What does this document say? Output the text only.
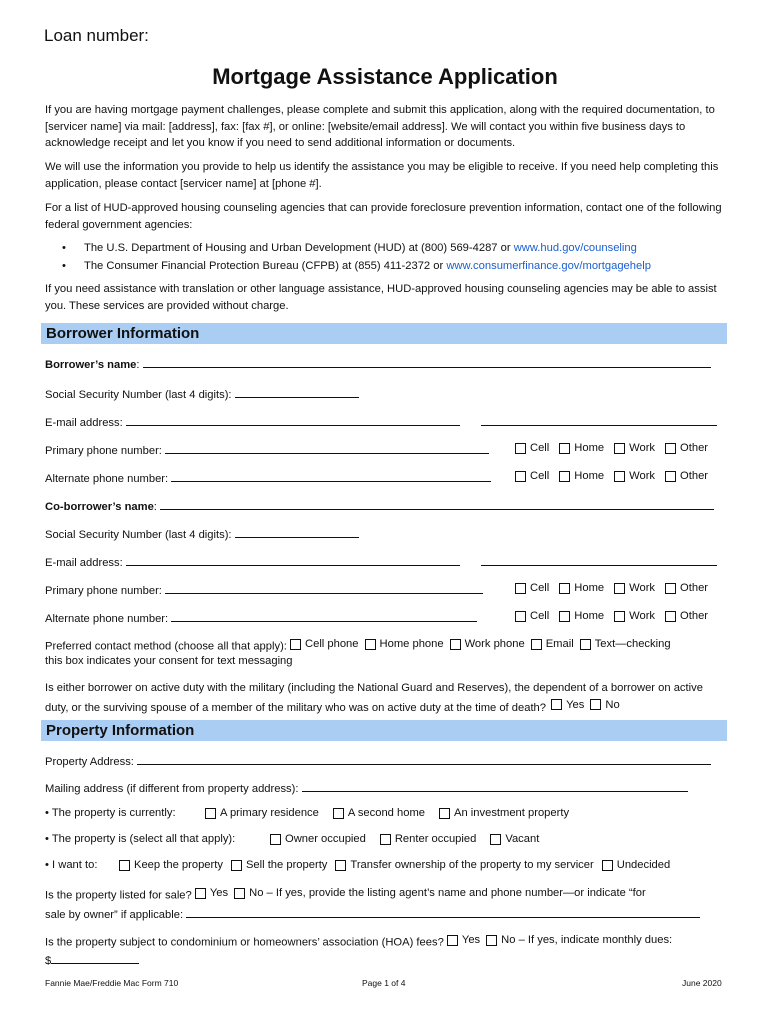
Loan number:
Mortgage Assistance Application
If you are having mortgage payment challenges, please complete and submit this application, along with the required documentation, to [servicer name] via mail: [address], fax: [fax #], or online: [website/email address]. We will contact you within five business days to acknowledge receipt and let you know if you need to send additional information or documents.
We will use the information you provide to help us identify the assistance you may be eligible to receive. If you need help completing this application, please contact [servicer name] at [phone #].
For a list of HUD-approved housing counseling agencies that can provide foreclosure prevention information, contact one of the following federal government agencies:
• The U.S. Department of Housing and Urban Development (HUD) at (800) 569-4287 or www.hud.gov/counseling
• The Consumer Financial Protection Bureau (CFPB) at (855) 411-2372 or www.consumerfinance.gov/mortgagehelp
If you need assistance with translation or other language assistance, HUD-approved housing counseling agencies may be able to assist you. These services are provided without charge.
Borrower Information
Borrower’s name:
Social Security Number (last 4 digits):
E-mail address:
Primary phone number:	Cell Home Work Other
Alternate phone number:	Cell Home Work Other
Co-borrower’s name:
Social Security Number (last 4 digits):
E-mail address:
Primary phone number:	Cell Home Work Other
Alternate phone number:	Cell Home Work Other
Preferred contact method (choose all that apply): Cell phone Home phone Work phone Email Text—checking
this box indicates your consent for text messaging
Is either borrower on active duty with the military (including the National Guard and Reserves), the dependent of a borrower on active duty, or the surviving spouse of a member of the military who was on active duty at the time of death? Yes No
Property Information
Property Address:
Mailing address (if different from property address):
• The property is currently:	A primary residence	A second home	An investment property
• The property is (select all that apply):	Owner occupied	Renter occupied	Vacant
• I want to:	Keep the property Sell the property Transfer ownership of the property to my servicer Undecided
Is the property listed for sale? Yes No – If yes, provide the listing agent’s name and phone number—or indicate “for
sale by owner” if applicable:
Is the property subject to condominium or homeowners’ association (HOA) fees? Yes No – If yes, indicate monthly dues:
$
Fannie Mae/Freddie Mac Form 710	Page 1 of 4	June 2020
